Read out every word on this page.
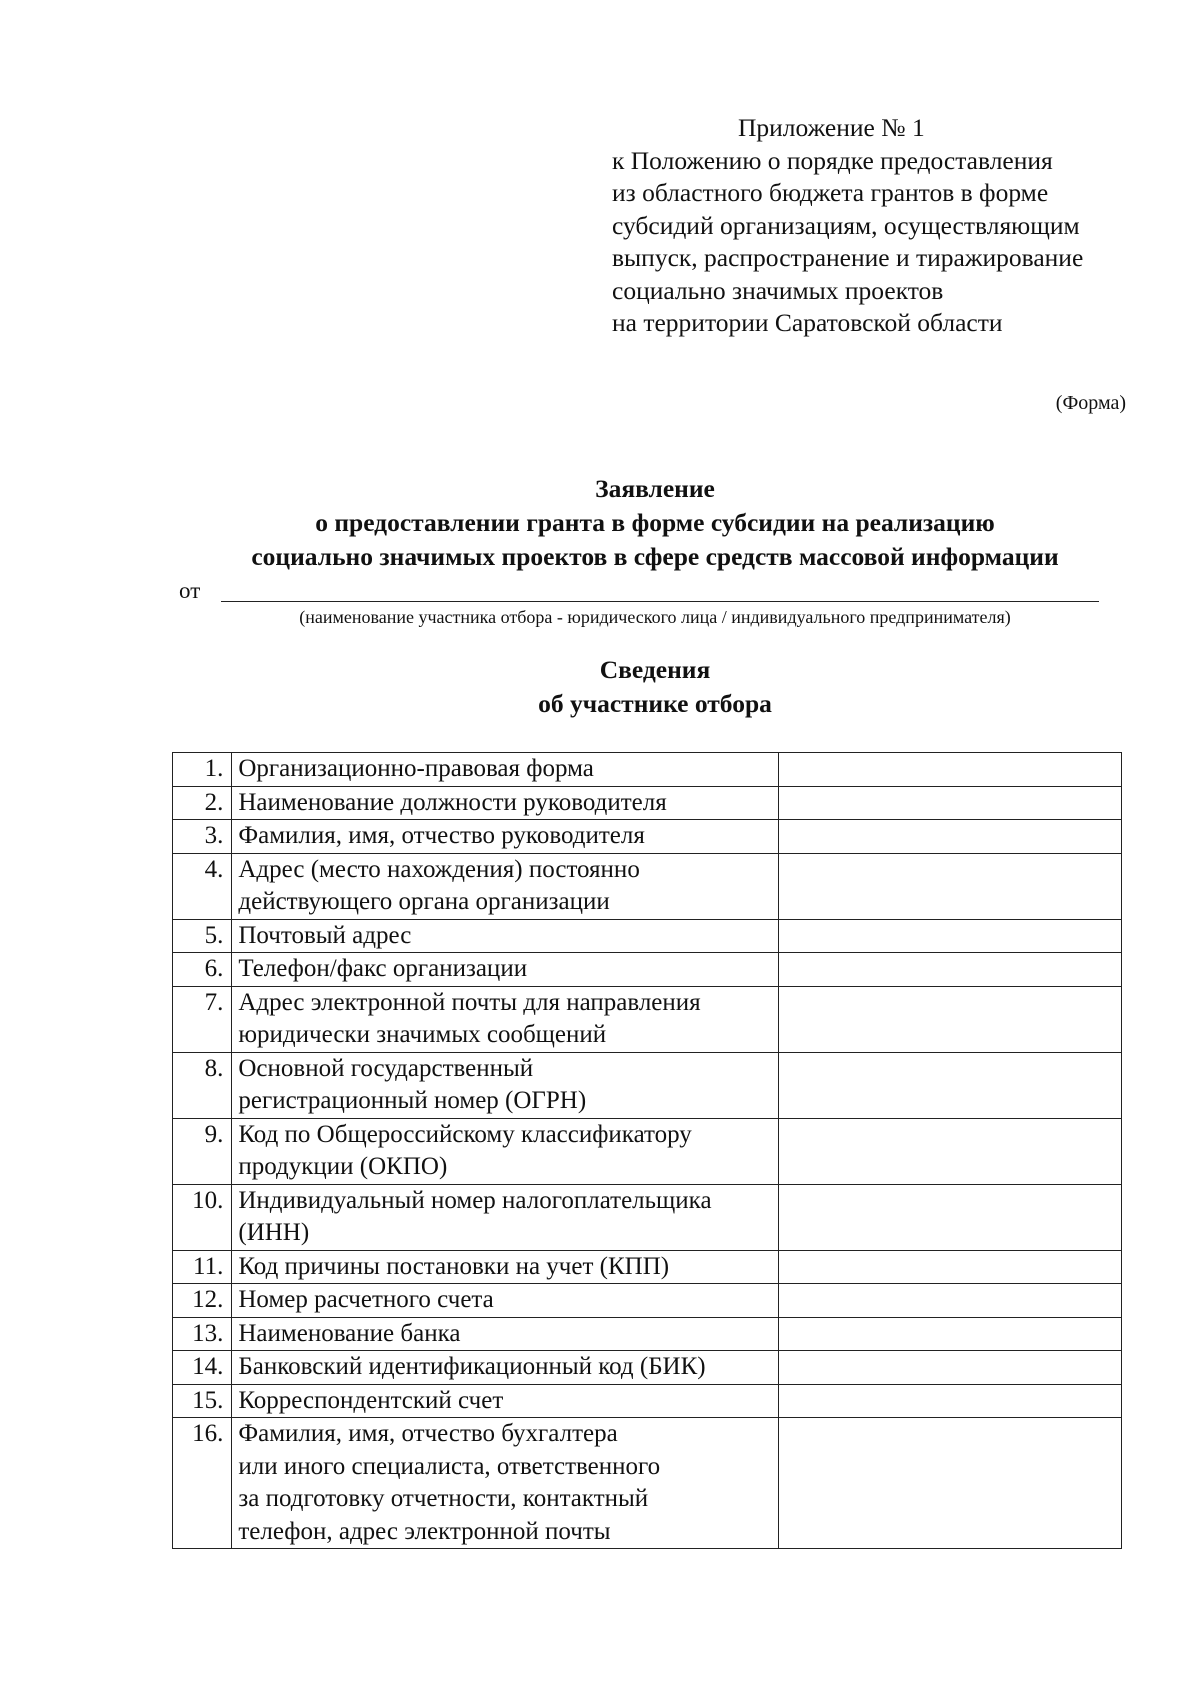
Приложение № 1
к Положению о порядке предоставления
из областного бюджета грантов в форме
субсидий организациям, осуществляющим
выпуск, распространение и тиражирование
социально значимых проектов
на территории Саратовской области
(Форма)
Заявление
о предоставлении гранта в форме субсидии на реализацию
социально значимых проектов в сфере средств массовой информации
от
(наименование участника отбора - юридического лица / индивидуального предпринимателя)
Сведения
об участнике отбора
1.	Организационно-правовая форма	

2.	Наименование должности руководителя	

3.	Фамилия, имя, отчество руководителя	

4.	Адрес (место нахождения) постоянно
действующего органа организации	

5.	Почтовый адрес	

6.	Телефон/факс организации	

7.	Адрес электронной почты для направления
юридически значимых сообщений	

8.	Основной государственный
регистрационный номер (ОГРН)	

9.	Код по Общероссийскому классификатору
продукции (ОКПО)	

10.	Индивидуальный номер налогоплательщика
(ИНН)	

11.	Код причины постановки на учет (КПП)	

12.	Номер расчетного счета	

13.	Наименование банка	

14.	Банковский идентификационный код (БИК)	

15.	Корреспондентский счет	

16.	Фамилия, имя, отчество бухгалтера
или иного специалиста, ответственного
за подготовку отчетности, контактный
телефон, адрес электронной почты	
